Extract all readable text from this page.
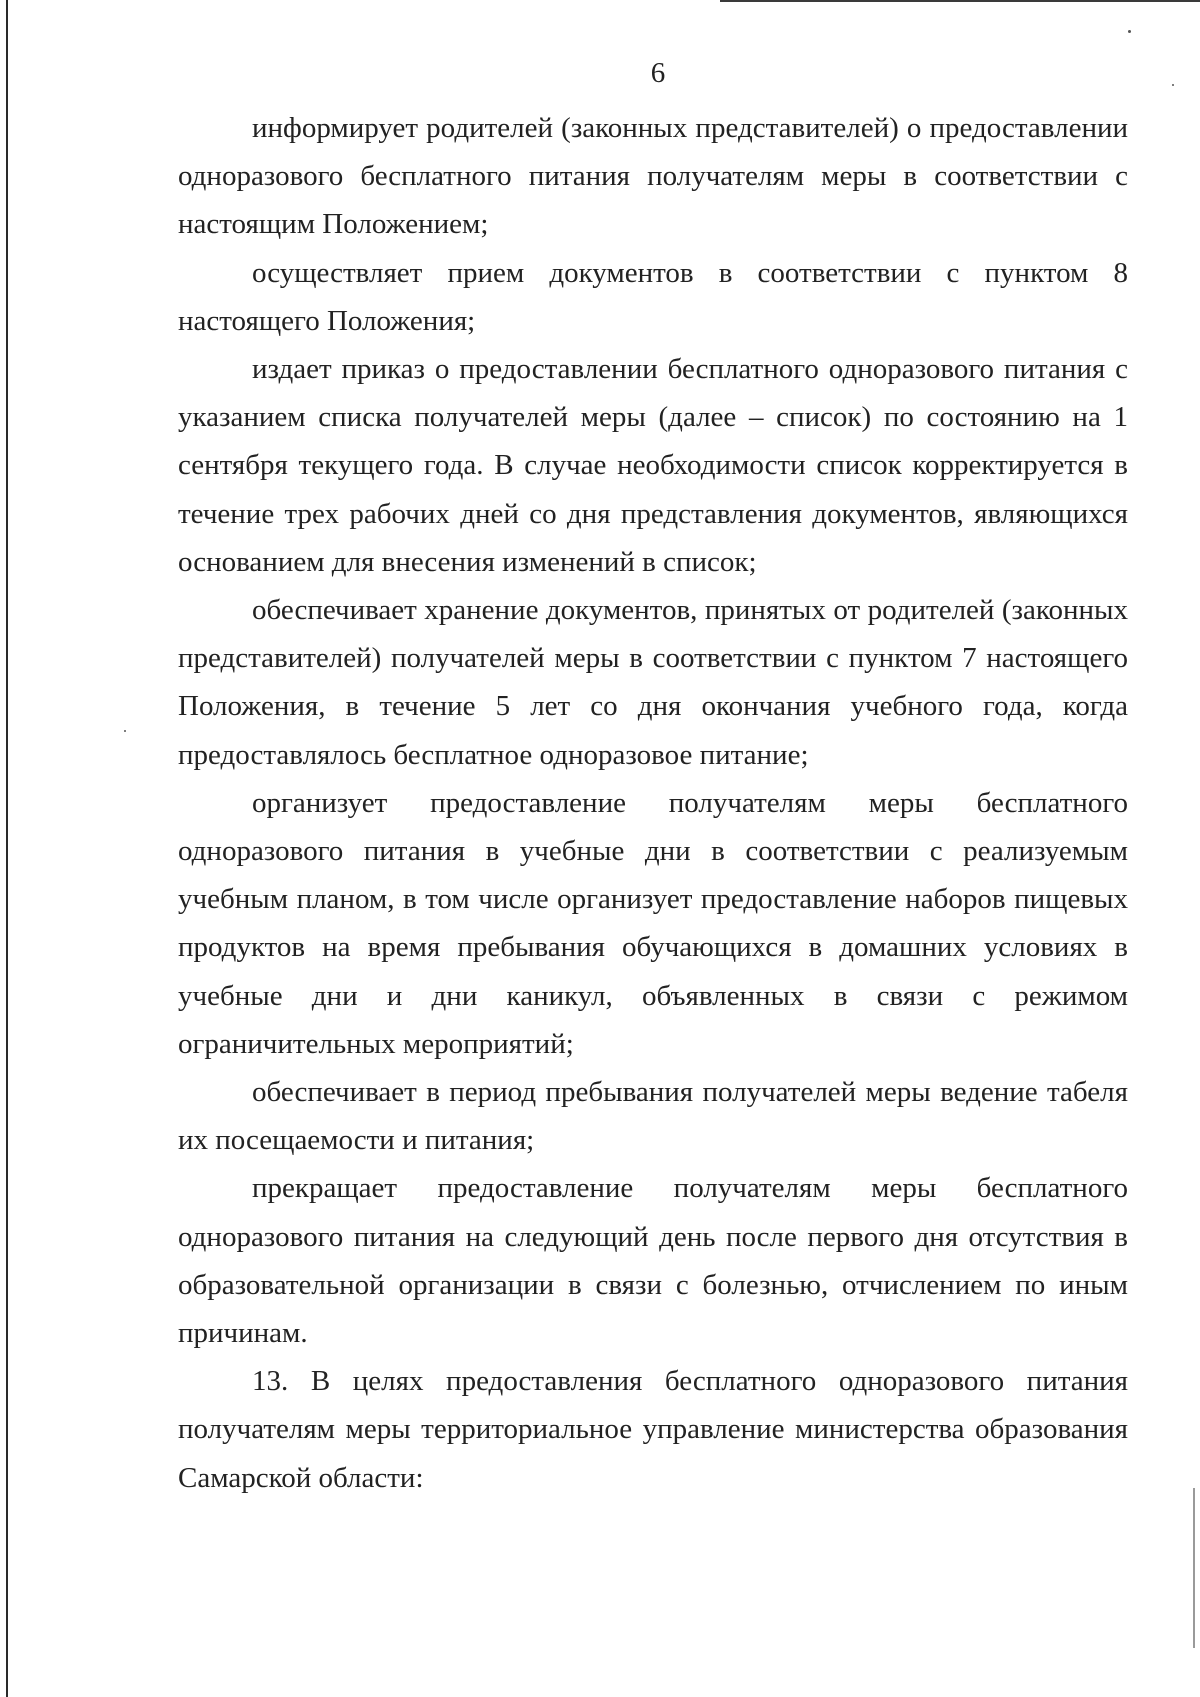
6

информирует родителей (законных представителей) о предоставлении одноразового бесплатного питания получателям меры в соответствии с настоящим Положением;

осуществляет прием документов в соответствии с пунктом 8 настоящего Положения;

издает приказ о предоставлении бесплатного одноразового питания с указанием списка получателей меры (далее – список) по состоянию на 1 сентября текущего года. В случае необходимости список корректируется в течение трех рабочих дней со дня представления документов, являющихся основанием для внесения изменений в список;

обеспечивает хранение документов, принятых от родителей (законных представителей) получателей меры в соответствии с пунктом 7 настоящего Положения, в течение 5 лет со дня окончания учебного года, когда предоставлялось бесплатное одноразовое питание;

организует предоставление получателям меры бесплатного одноразового питания в учебные дни в соответствии с реализуемым учебным планом, в том числе организует предоставление наборов пищевых продуктов на время пребывания обучающихся в домашних условиях в учебные дни и дни каникул, объявленных в связи с режимом ограничительных мероприятий;

обеспечивает в период пребывания получателей меры ведение табеля их посещаемости и питания;

прекращает предоставление получателям меры бесплатного одноразового питания на следующий день после первого дня отсутствия в образовательной организации в связи с болезнью, отчислением по иным причинам.

13. В целях предоставления бесплатного одноразового питания получателям меры территориальное управление министерства образования Самарской области:
